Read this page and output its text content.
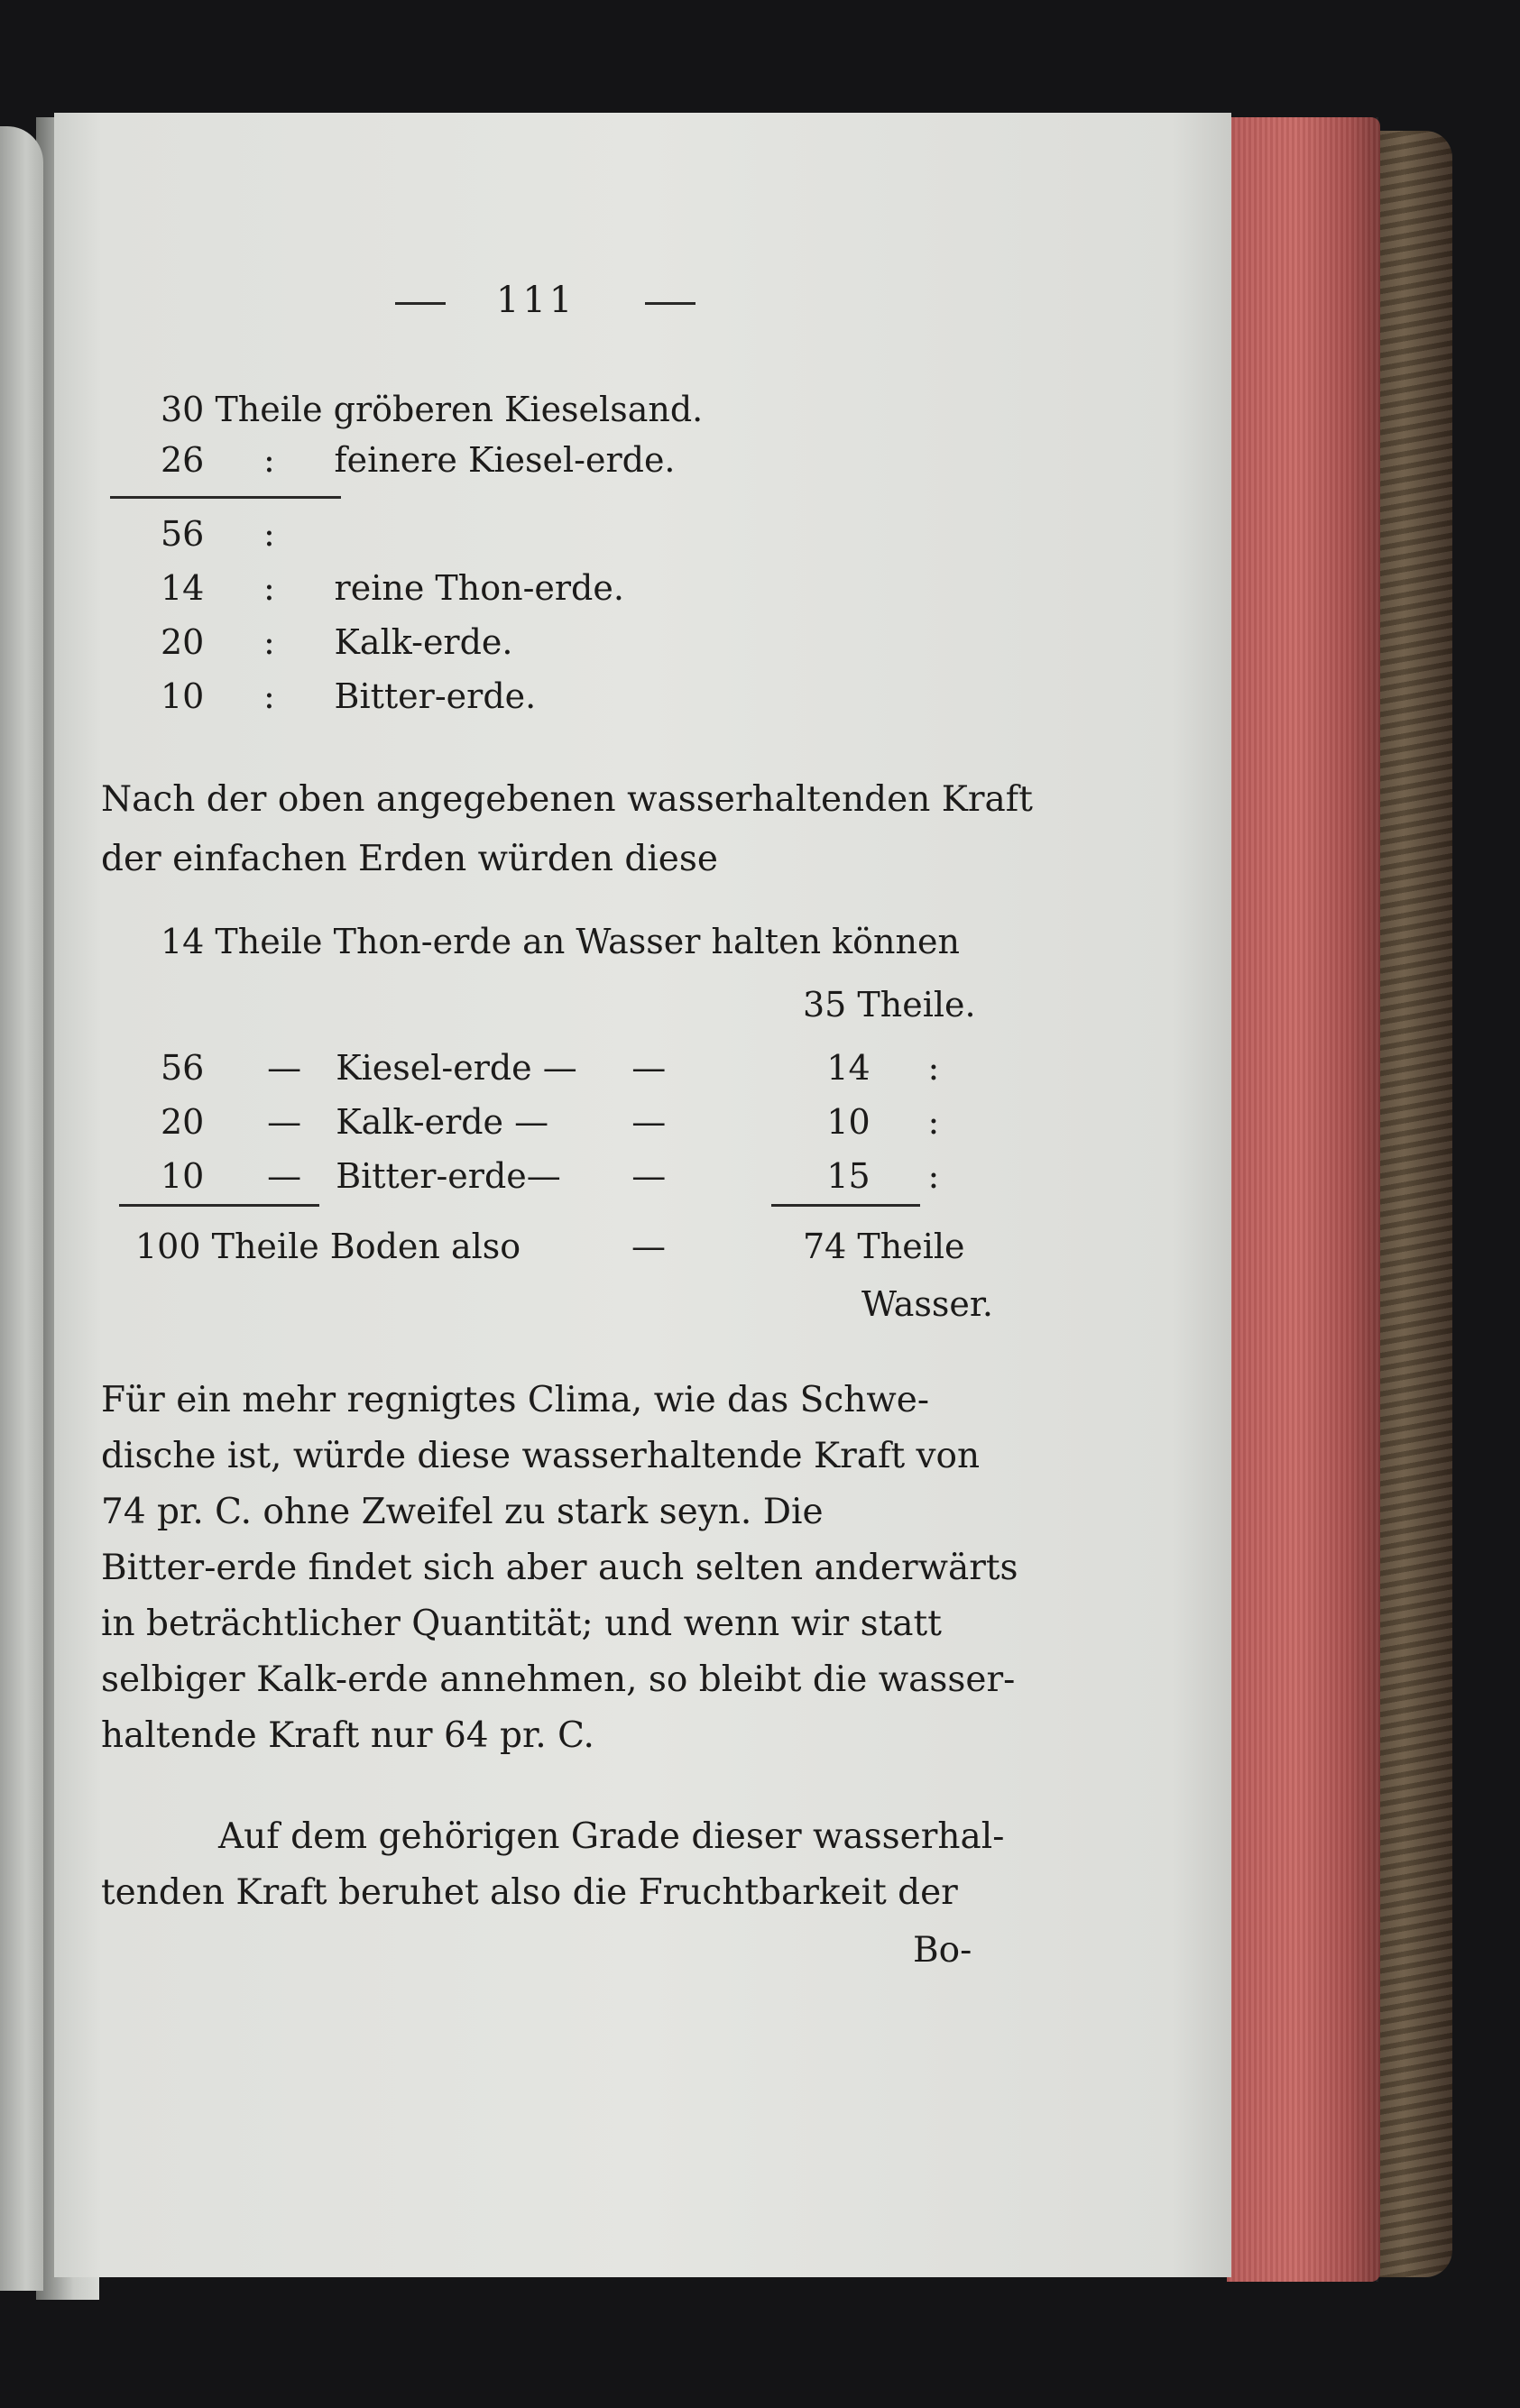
111
30 Theile gröberen Kieselsand.
26 : feinere Kiesel-erde.
56 :
14 : reine Thon-erde.
20 : Kalk-erde.
10 : Bitter-erde.
Nach der oben angegebenen wasserhaltenden Kraft
der einfachen Erden würden diese
14 Theile Thon-erde an Wasser halten können
35 Theile.
56 — Kiesel-erde — —	14 :
20 — Kalk-erde — —	10 :
10 — Bitter-erde— —	15 :
100 Theile Boden also	—	74 Theile
Wasser.
Für ein mehr regnigtes Clima, wie das Schwe-
dische ist, würde diese wasserhaltende Kraft von
74 pr. C. ohne Zweifel zu stark seyn. Die
Bitter-erde findet sich aber auch selten anderwärts
in beträchtlicher Quantität; und wenn wir statt
selbiger Kalk-erde annehmen, so bleibt die wasser-
haltende Kraft nur 64 pr. C.
Auf dem gehörigen Grade dieser wasserhal-
tenden Kraft beruhet also die Fruchtbarkeit der
Bo-
